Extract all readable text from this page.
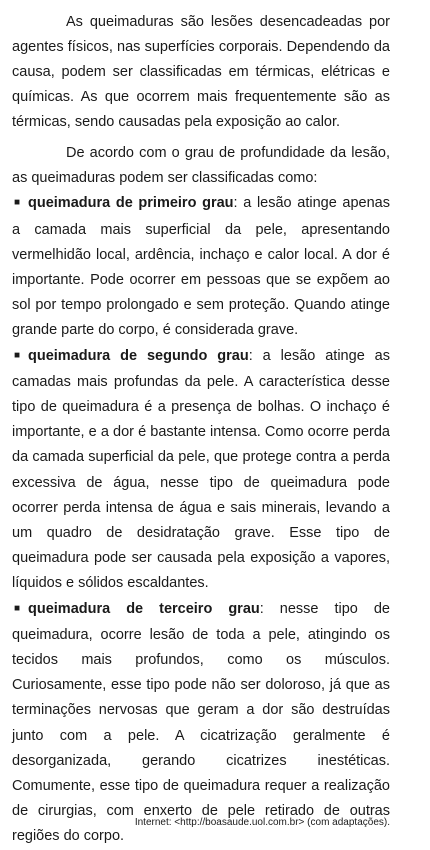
As queimaduras são lesões desencadeadas por agentes físicos, nas superfícies corporais. Dependendo da causa, podem ser classificadas em térmicas, elétricas e químicas. As que ocorrem mais frequentemente são as térmicas, sendo causadas pela exposição ao calor.

De acordo com o grau de profundidade da lesão, as queimaduras podem ser classificadas como:

■ queimadura de primeiro grau: a lesão atinge apenas a camada mais superficial da pele, apresentando vermelhidão local, ardência, inchaço e calor local. A dor é importante. Pode ocorrer em pessoas que se expõem ao sol por tempo prolongado e sem proteção. Quando atinge grande parte do corpo, é considerada grave.

■ queimadura de segundo grau: a lesão atinge as camadas mais profundas da pele. A característica desse tipo de queimadura é a presença de bolhas. O inchaço é importante, e a dor é bastante intensa. Como ocorre perda da camada superficial da pele, que protege contra a perda excessiva de água, nesse tipo de queimadura pode ocorrer perda intensa de água e sais minerais, levando a um quadro de desidratação grave. Esse tipo de queimadura pode ser causada pela exposição a vapores, líquidos e sólidos escaldantes.

■ queimadura de terceiro grau: nesse tipo de queimadura, ocorre lesão de toda a pele, atingindo os tecidos mais profundos, como os músculos. Curiosamente, esse tipo pode não ser doloroso, já que as terminações nervosas que geram a dor são destruídas junto com a pele. A cicatrização geralmente é desorganizada, gerando cicatrizes inestéticas. Comumente, esse tipo de queimadura requer a realização de cirurgias, com enxerto de pele retirado de outras regiões do corpo.

Internet: <http://boasaude.uol.com.br> (com adaptações).
